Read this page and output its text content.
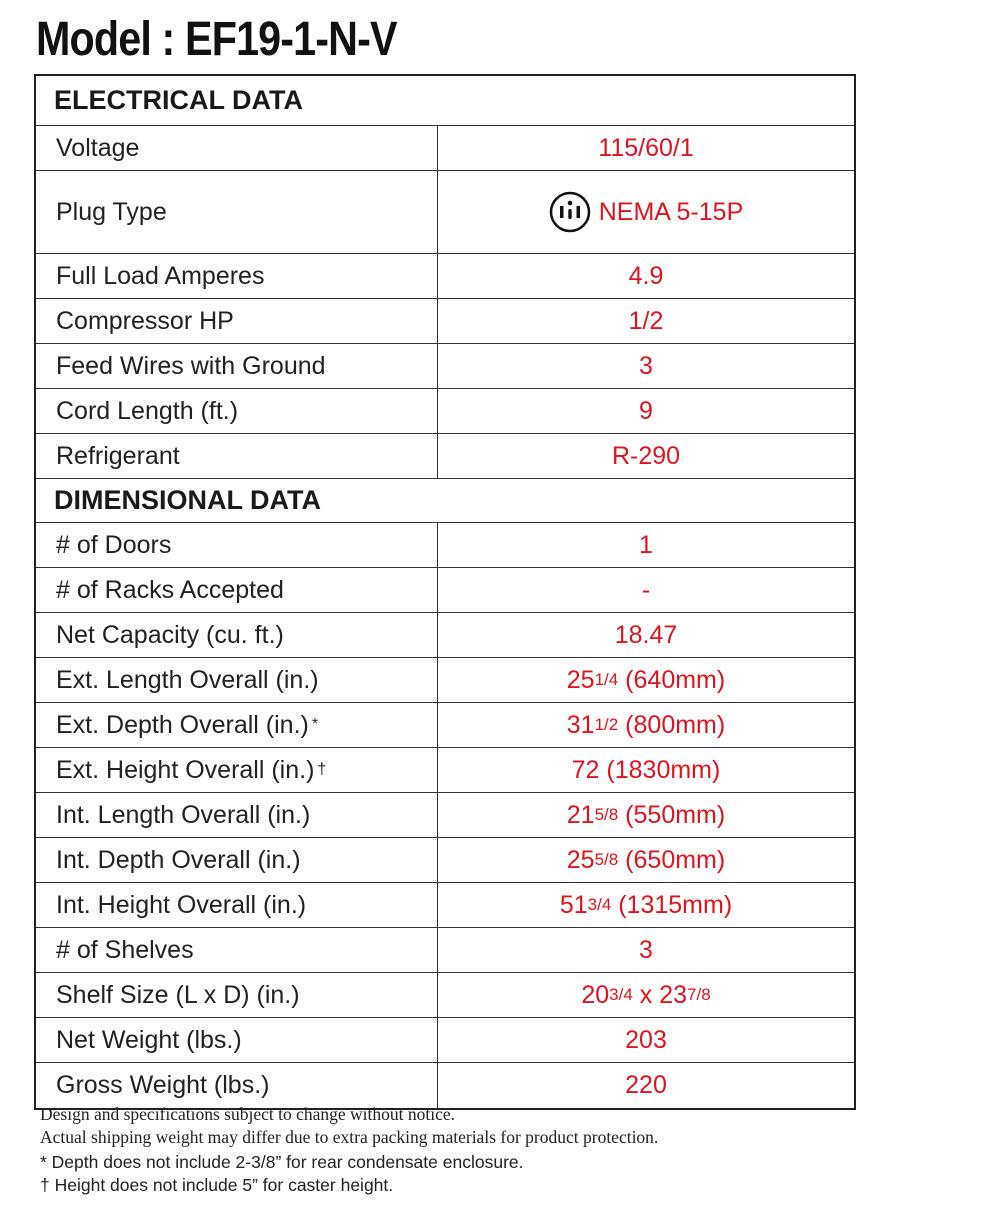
Model : EF19-1-N-V
ELECTRICAL DATA
Voltage	115/60/1
Plug Type	NEMA 5-15P
Full Load Amperes	4.9
Compressor HP	1/2
Feed Wires with Ground	3
Cord Length (ft.)	9
Refrigerant	R-290
DIMENSIONAL DATA
# of Doors	1
# of Racks Accepted	-
Net Capacity (cu. ft.)	18.47
Ext. Length Overall (in.)	25 1/4 (640mm)
Ext. Depth Overall (in.) *	31 1/2 (800mm)
Ext. Height Overall (in.) †	72 (1830mm)
Int. Length Overall (in.)	21 5/8 (550mm)
Int. Depth Overall (in.)	25 5/8 (650mm)
Int. Height Overall (in.)	51 3/4 (1315mm)
# of Shelves	3
Shelf Size (L x D) (in.)	20 3/4 x 23 7/8
Net Weight (lbs.)	203
Gross Weight (lbs.)	220
Design and specifications subject to change without notice.
Actual shipping weight may differ due to extra packing materials for product protection.
* Depth does not include 2-3/8” for rear condensate enclosure.
† Height does not include 5” for caster height.
